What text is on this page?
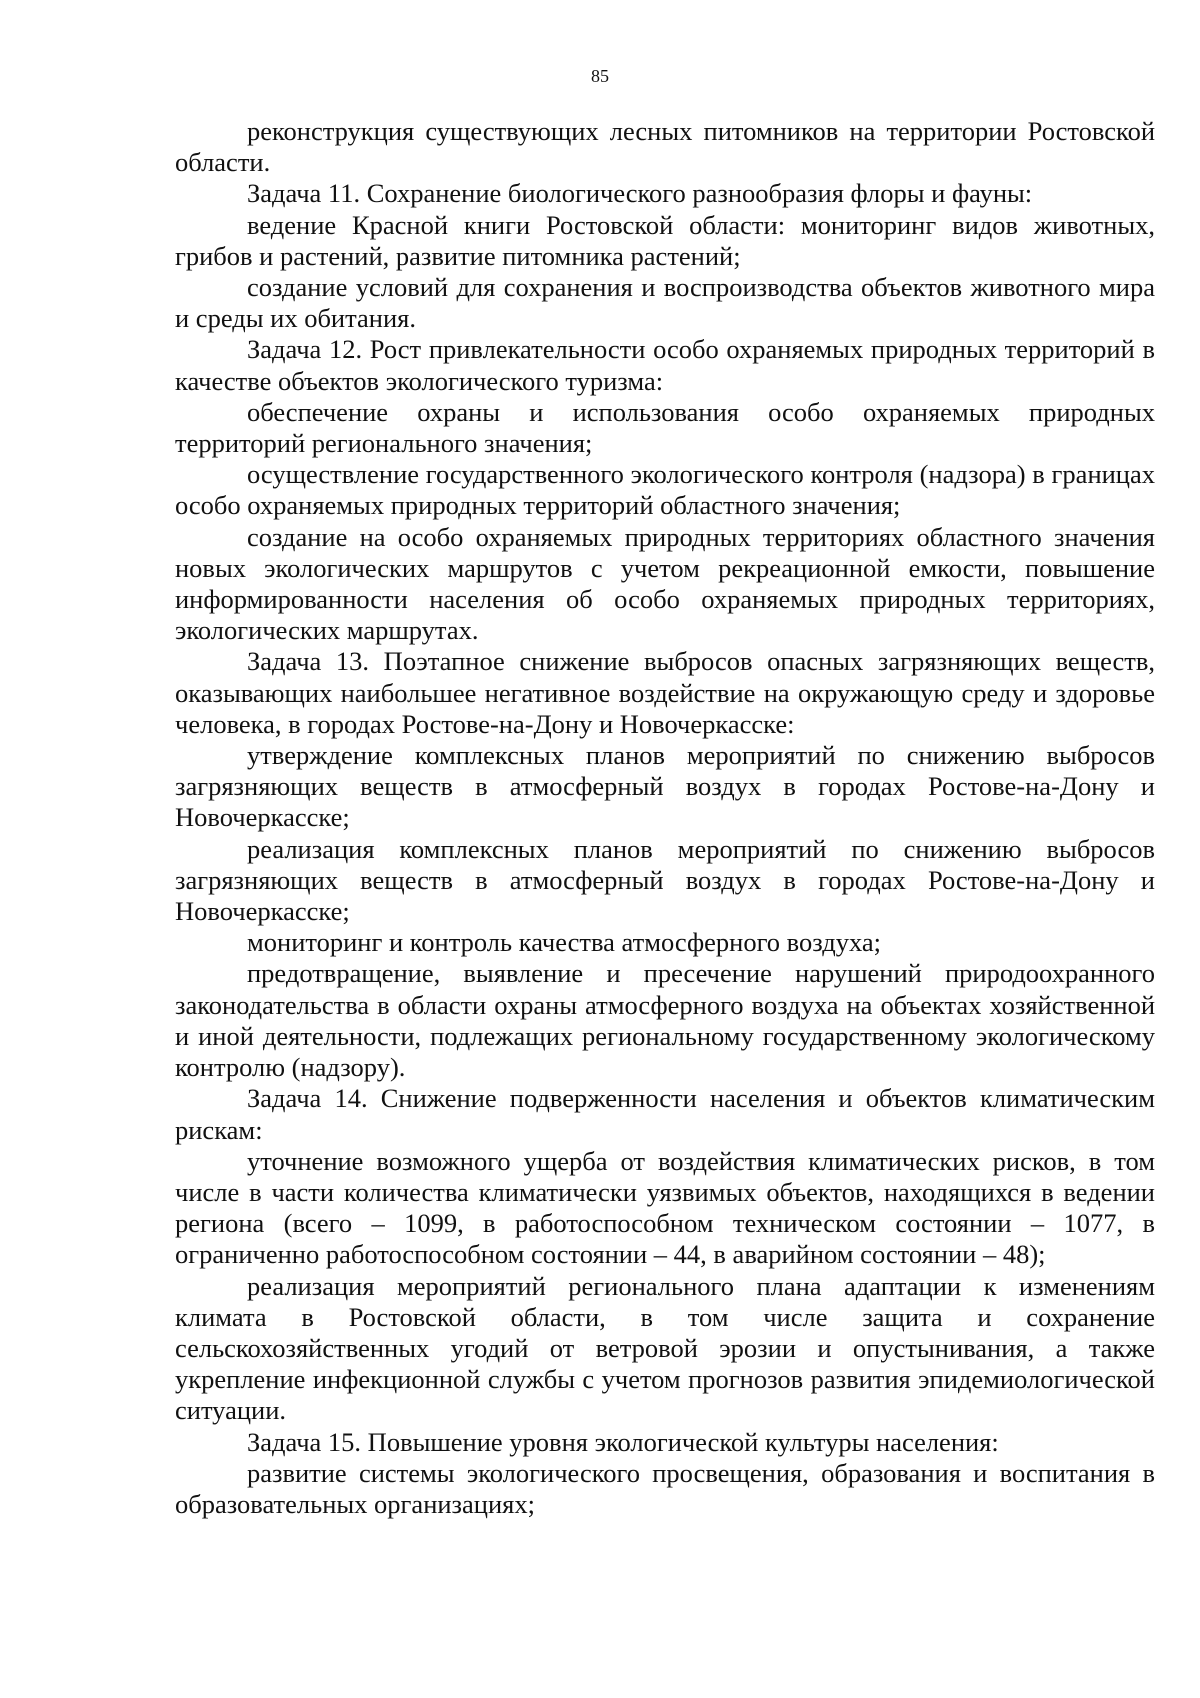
85

реконструкция существующих лесных питомников на территории Ростовской области.

Задача 11. Сохранение биологического разнообразия флоры и фауны:

ведение Красной книги Ростовской области: мониторинг видов животных, грибов и растений, развитие питомника растений;

создание условий для сохранения и воспроизводства объектов животного мира и среды их обитания.

Задача 12. Рост привлекательности особо охраняемых природных территорий в качестве объектов экологического туризма:

обеспечение охраны и использования особо охраняемых природных территорий регионального значения;

осуществление государственного экологического контроля (надзора) в границах особо охраняемых природных территорий областного значения;

создание на особо охраняемых природных территориях областного значения новых экологических маршрутов с учетом рекреационной емкости, повышение информированности населения об особо охраняемых природных территориях, экологических маршрутах.

Задача 13. Поэтапное снижение выбросов опасных загрязняющих веществ, оказывающих наибольшее негативное воздействие на окружающую среду и здоровье человека, в городах Ростове-на-Дону и Новочеркасске:

утверждение комплексных планов мероприятий по снижению выбросов загрязняющих веществ в атмосферный воздух в городах Ростове-на-Дону и Новочеркасске;

реализация комплексных планов мероприятий по снижению выбросов загрязняющих веществ в атмосферный воздух в городах Ростове-на-Дону и Новочеркасске;

мониторинг и контроль качества атмосферного воздуха;

предотвращение, выявление и пресечение нарушений природоохранного законодательства в области охраны атмосферного воздуха на объектах хозяйственной и иной деятельности, подлежащих региональному государственному экологическому контролю (надзору).

Задача 14. Снижение подверженности населения и объектов климатическим рискам:

уточнение возможного ущерба от воздействия климатических рисков, в том числе в части количества климатически уязвимых объектов, находящихся в ведении региона (всего – 1099, в работоспособном техническом состоянии – 1077, в ограниченно работоспособном состоянии – 44, в аварийном состоянии – 48);

реализация мероприятий регионального плана адаптации к изменениям климата в Ростовской области, в том числе защита и сохранение сельскохозяйственных угодий от ветровой эрозии и опустынивания, а также укрепление инфекционной службы с учетом прогнозов развития эпидемиологической ситуации.

Задача 15. Повышение уровня экологической культуры населения:

развитие системы экологического просвещения, образования и воспитания в образовательных организациях;
